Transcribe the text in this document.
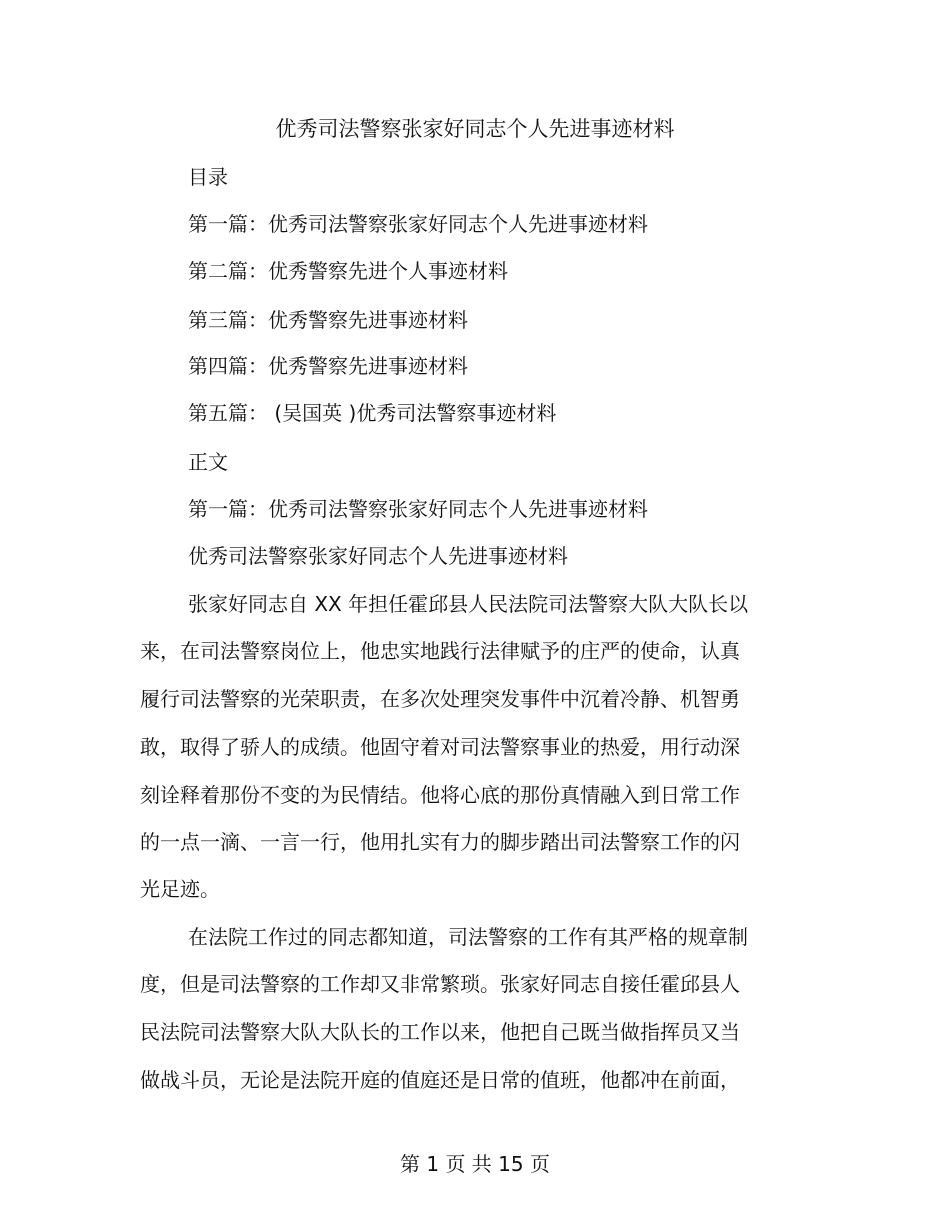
优秀司法警察张家好同志个人先进事迹材料
目录
第一篇：优秀司法警察张家好同志个人先进事迹材料
第二篇：优秀警察先进个人事迹材料
第三篇：优秀警察先进事迹材料
第四篇：优秀警察先进事迹材料
第五篇： (吴国英 )优秀司法警察事迹材料
正文
第一篇：优秀司法警察张家好同志个人先进事迹材料
优秀司法警察张家好同志个人先进事迹材料
张家好同志自 XX 年担任霍邱县人民法院司法警察大队大队长以
来，在司法警察岗位上，他忠实地践行法律赋予的庄严的使命，认真
履行司法警察的光荣职责，在多次处理突发事件中沉着冷静、机智勇
敢，取得了骄人的成绩。他固守着对司法警察事业的热爱，用行动深
刻诠释着那份不变的为民情结。他将心底的那份真情融入到日常工作
的一点一滴、一言一行，他用扎实有力的脚步踏出司法警察工作的闪
光足迹。
在法院工作过的同志都知道，司法警察的工作有其严格的规章制
度，但是司法警察的工作却又非常繁琐。张家好同志自接任霍邱县人
民法院司法警察大队大队长的工作以来，他把自己既当做指挥员又当
做战斗员，无论是法院开庭的值庭还是日常的值班，他都冲在前面，
第 1 页 共 15 页
